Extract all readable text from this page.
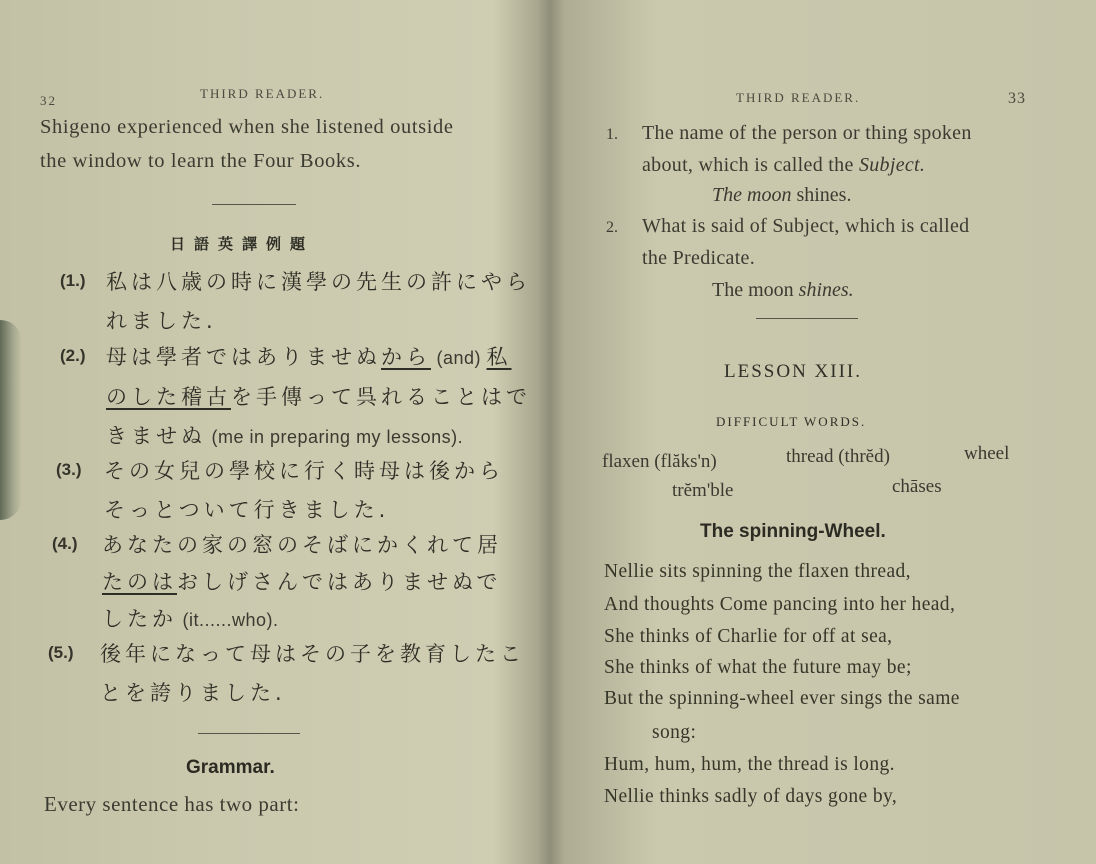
32	THIRD READER.
Shigeno experienced when she listened outside
the window to learn the Four Books.
日語英譯例題
(1.) 私は八歳の時に漢學の先生の許にやら
れました.
(2.) 母は學者ではありませぬから (and) 私
のした稽古を手傳って呉れることはで
きませぬ (me in preparing my lessons).
(3.) その女兒の學校に行く時母は後から
そっとついて行きました.
(4.) あなたの家の窓のそばにかくれて居
たのはおしげさんではありませぬで
したか (it......who).
(5.) 後年になって母はその子を教育したこ
とを誇りました.
Grammar.
Every sentence has two part:
THIRD READER.	33
1. The name of the person or thing spoken
about, which is called the Subject.
The moon shines.
2. What is said of Subject, which is called
the Predicate.
The moon shines.
LESSON XIII.
DIFFICULT WORDS.
flaxen (flăks'n)	thread (thrĕd)	wheel
trĕm'ble	chāses
The spinning-Wheel.
Nellie sits spinning the flaxen thread,
And thoughts Come pancing into her head,
She thinks of Charlie for off at sea,
She thinks of what the future may be;
But the spinning-wheel ever sings the same
song:
Hum, hum, hum, the thread is long.
Nellie thinks sadly of days gone by,
